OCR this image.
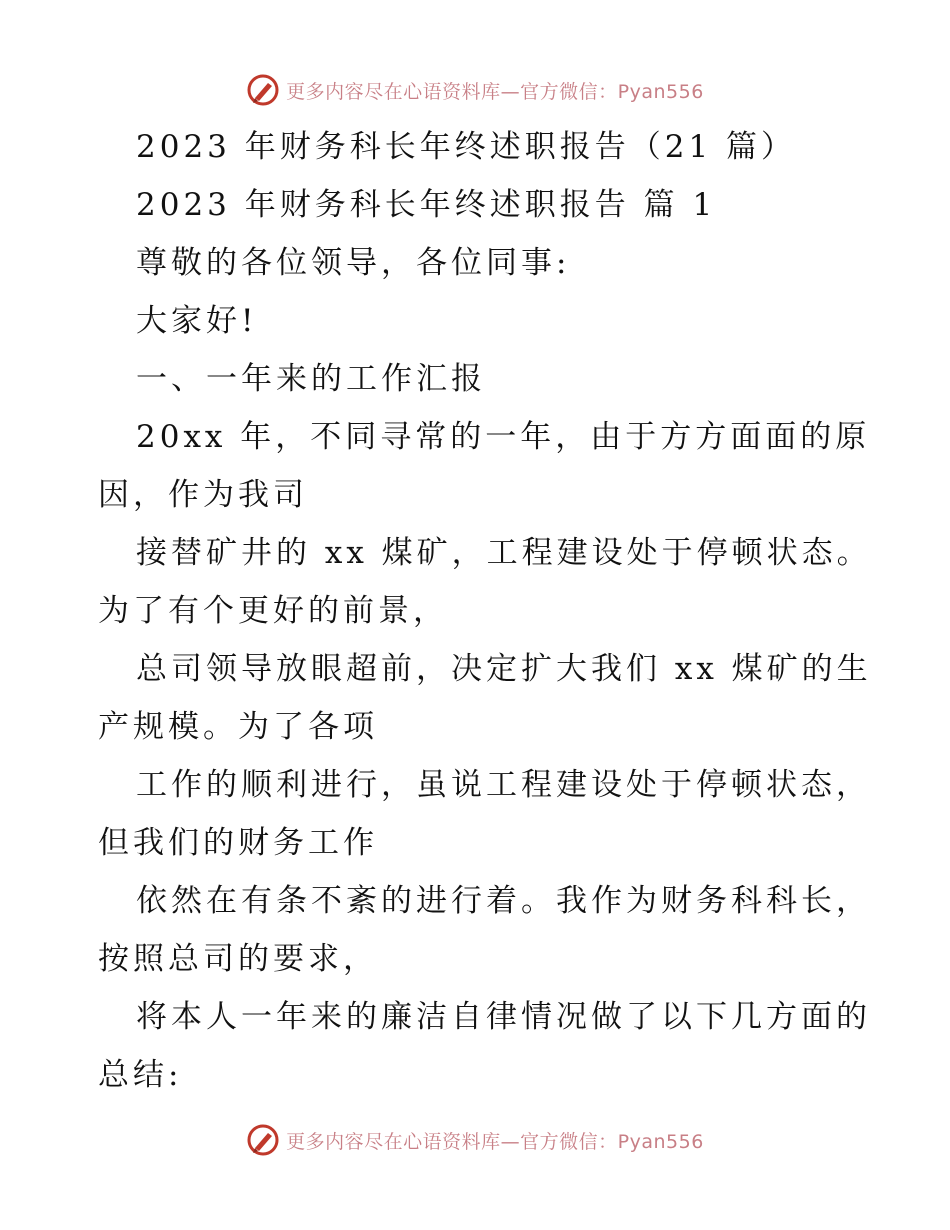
更多内容尽在心语资料库—官方微信：Pyan556
2023 年财务科长年终述职报告（21 篇）
2023 年财务科长年终述职报告 篇 1
尊敬的各位领导，各位同事:
大家好!
一、一年来的工作汇报
20xx 年，不同寻常的一年，由于方方面面的原
因，作为我司
接替矿井的 xx 煤矿，工程建设处于停顿状态。
为了有个更好的前景，
总司领导放眼超前，决定扩大我们 xx 煤矿的生
产规模。为了各项
工作的顺利进行，虽说工程建设处于停顿状态，
但我们的财务工作
依然在有条不紊的进行着。我作为财务科科长，
按照总司的要求，
将本人一年来的廉洁自律情况做了以下几方面的
总结:
更多内容尽在心语资料库—官方微信：Pyan556
